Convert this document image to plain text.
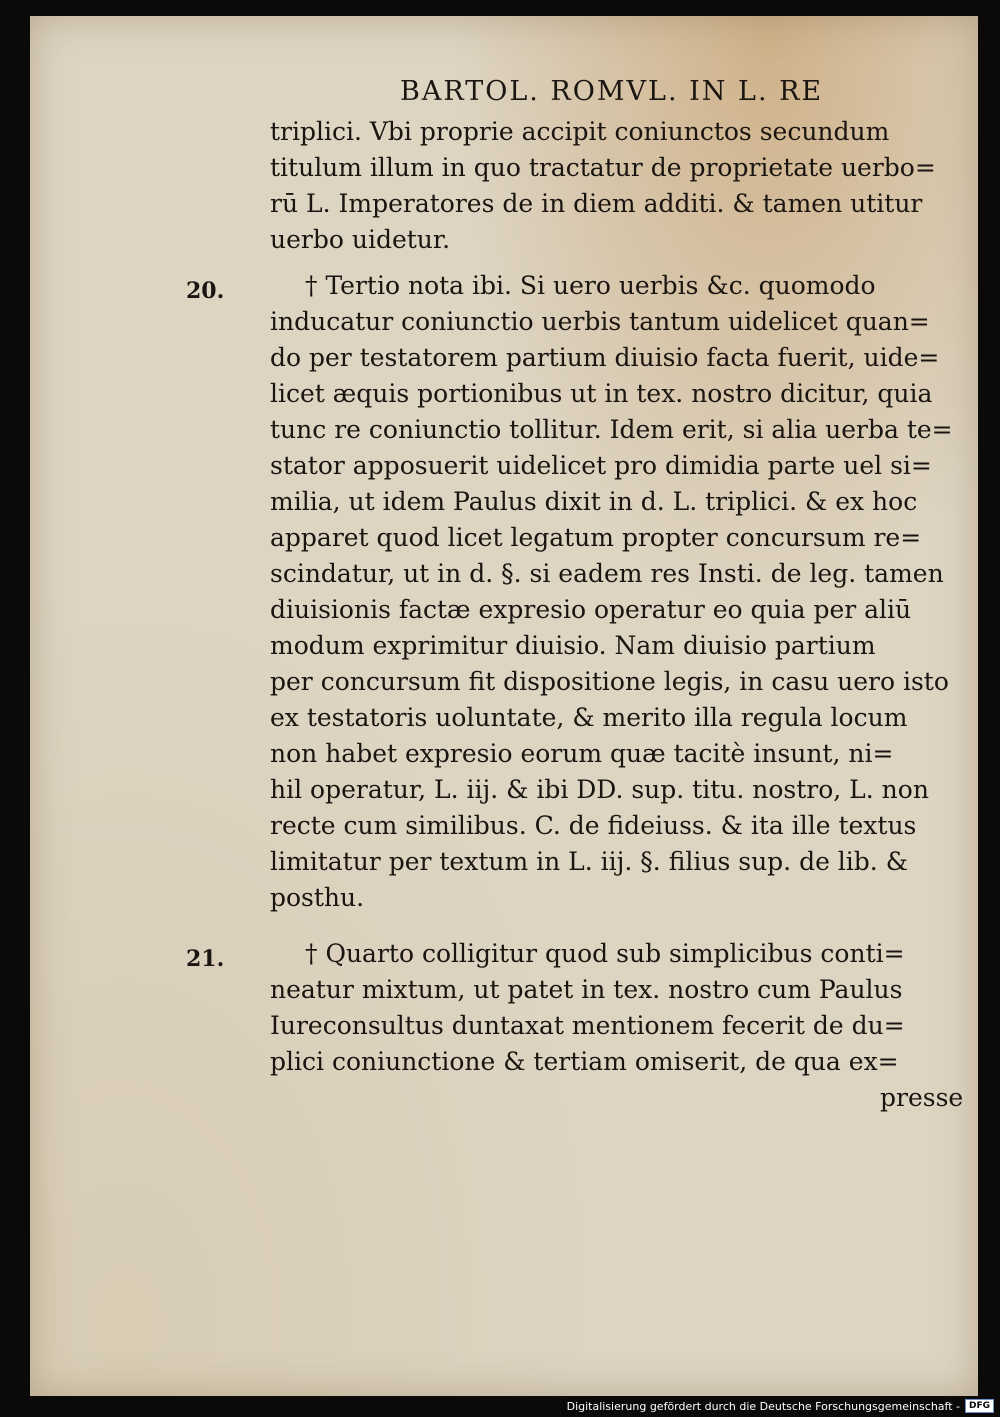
BARTOL. ROMVL. IN L. RE
20.
21.
triplici. Vbi proprie accipit coniunctos secundum
titulum illum in quo tractatur de proprietate uerbo=
rū L. Imperatores de in diem additi. & tamen utitur
uerbo uidetur.
† Tertio nota ibi. Si uero uerbis &c. quomodo
inducatur coniunctio uerbis tantum uidelicet quan=
do per testatorem partium diuisio facta fuerit, uide=
licet æquis portionibus ut in tex. nostro dicitur, quia
tunc re coniunctio tollitur. Idem erit, si alia uerba te=
stator apposuerit uidelicet pro dimidia parte uel si=
milia, ut idem Paulus dixit in d. L. triplici. & ex hoc
apparet quod licet legatum propter concursum re=
scindatur, ut in d. §. si eadem res Insti. de leg. tamen
diuisionis factæ expresio operatur eo quia per aliū
modum exprimitur diuisio. Nam diuisio partium
per concursum fit dispositione legis, in casu uero isto
ex testatoris uoluntate, & merito illa regula locum
non habet expresio eorum quæ tacitè insunt, ni=
hil operatur, L. iij. & ibi DD. sup. titu. nostro, L. non
recte cum similibus. C. de fideiuss. & ita ille textus
limitatur per textum in L. iij. §. filius sup. de lib. &
posthu.
† Quarto colligitur quod sub simplicibus conti=
neatur mixtum, ut patet in tex. nostro cum Paulus
Iureconsultus duntaxat mentionem fecerit de du=
plici coniunctione & tertiam omiserit, de qua ex=
presse
Digitalisierung gefördert durch die Deutsche Forschungsgemeinschaft -	DFG
